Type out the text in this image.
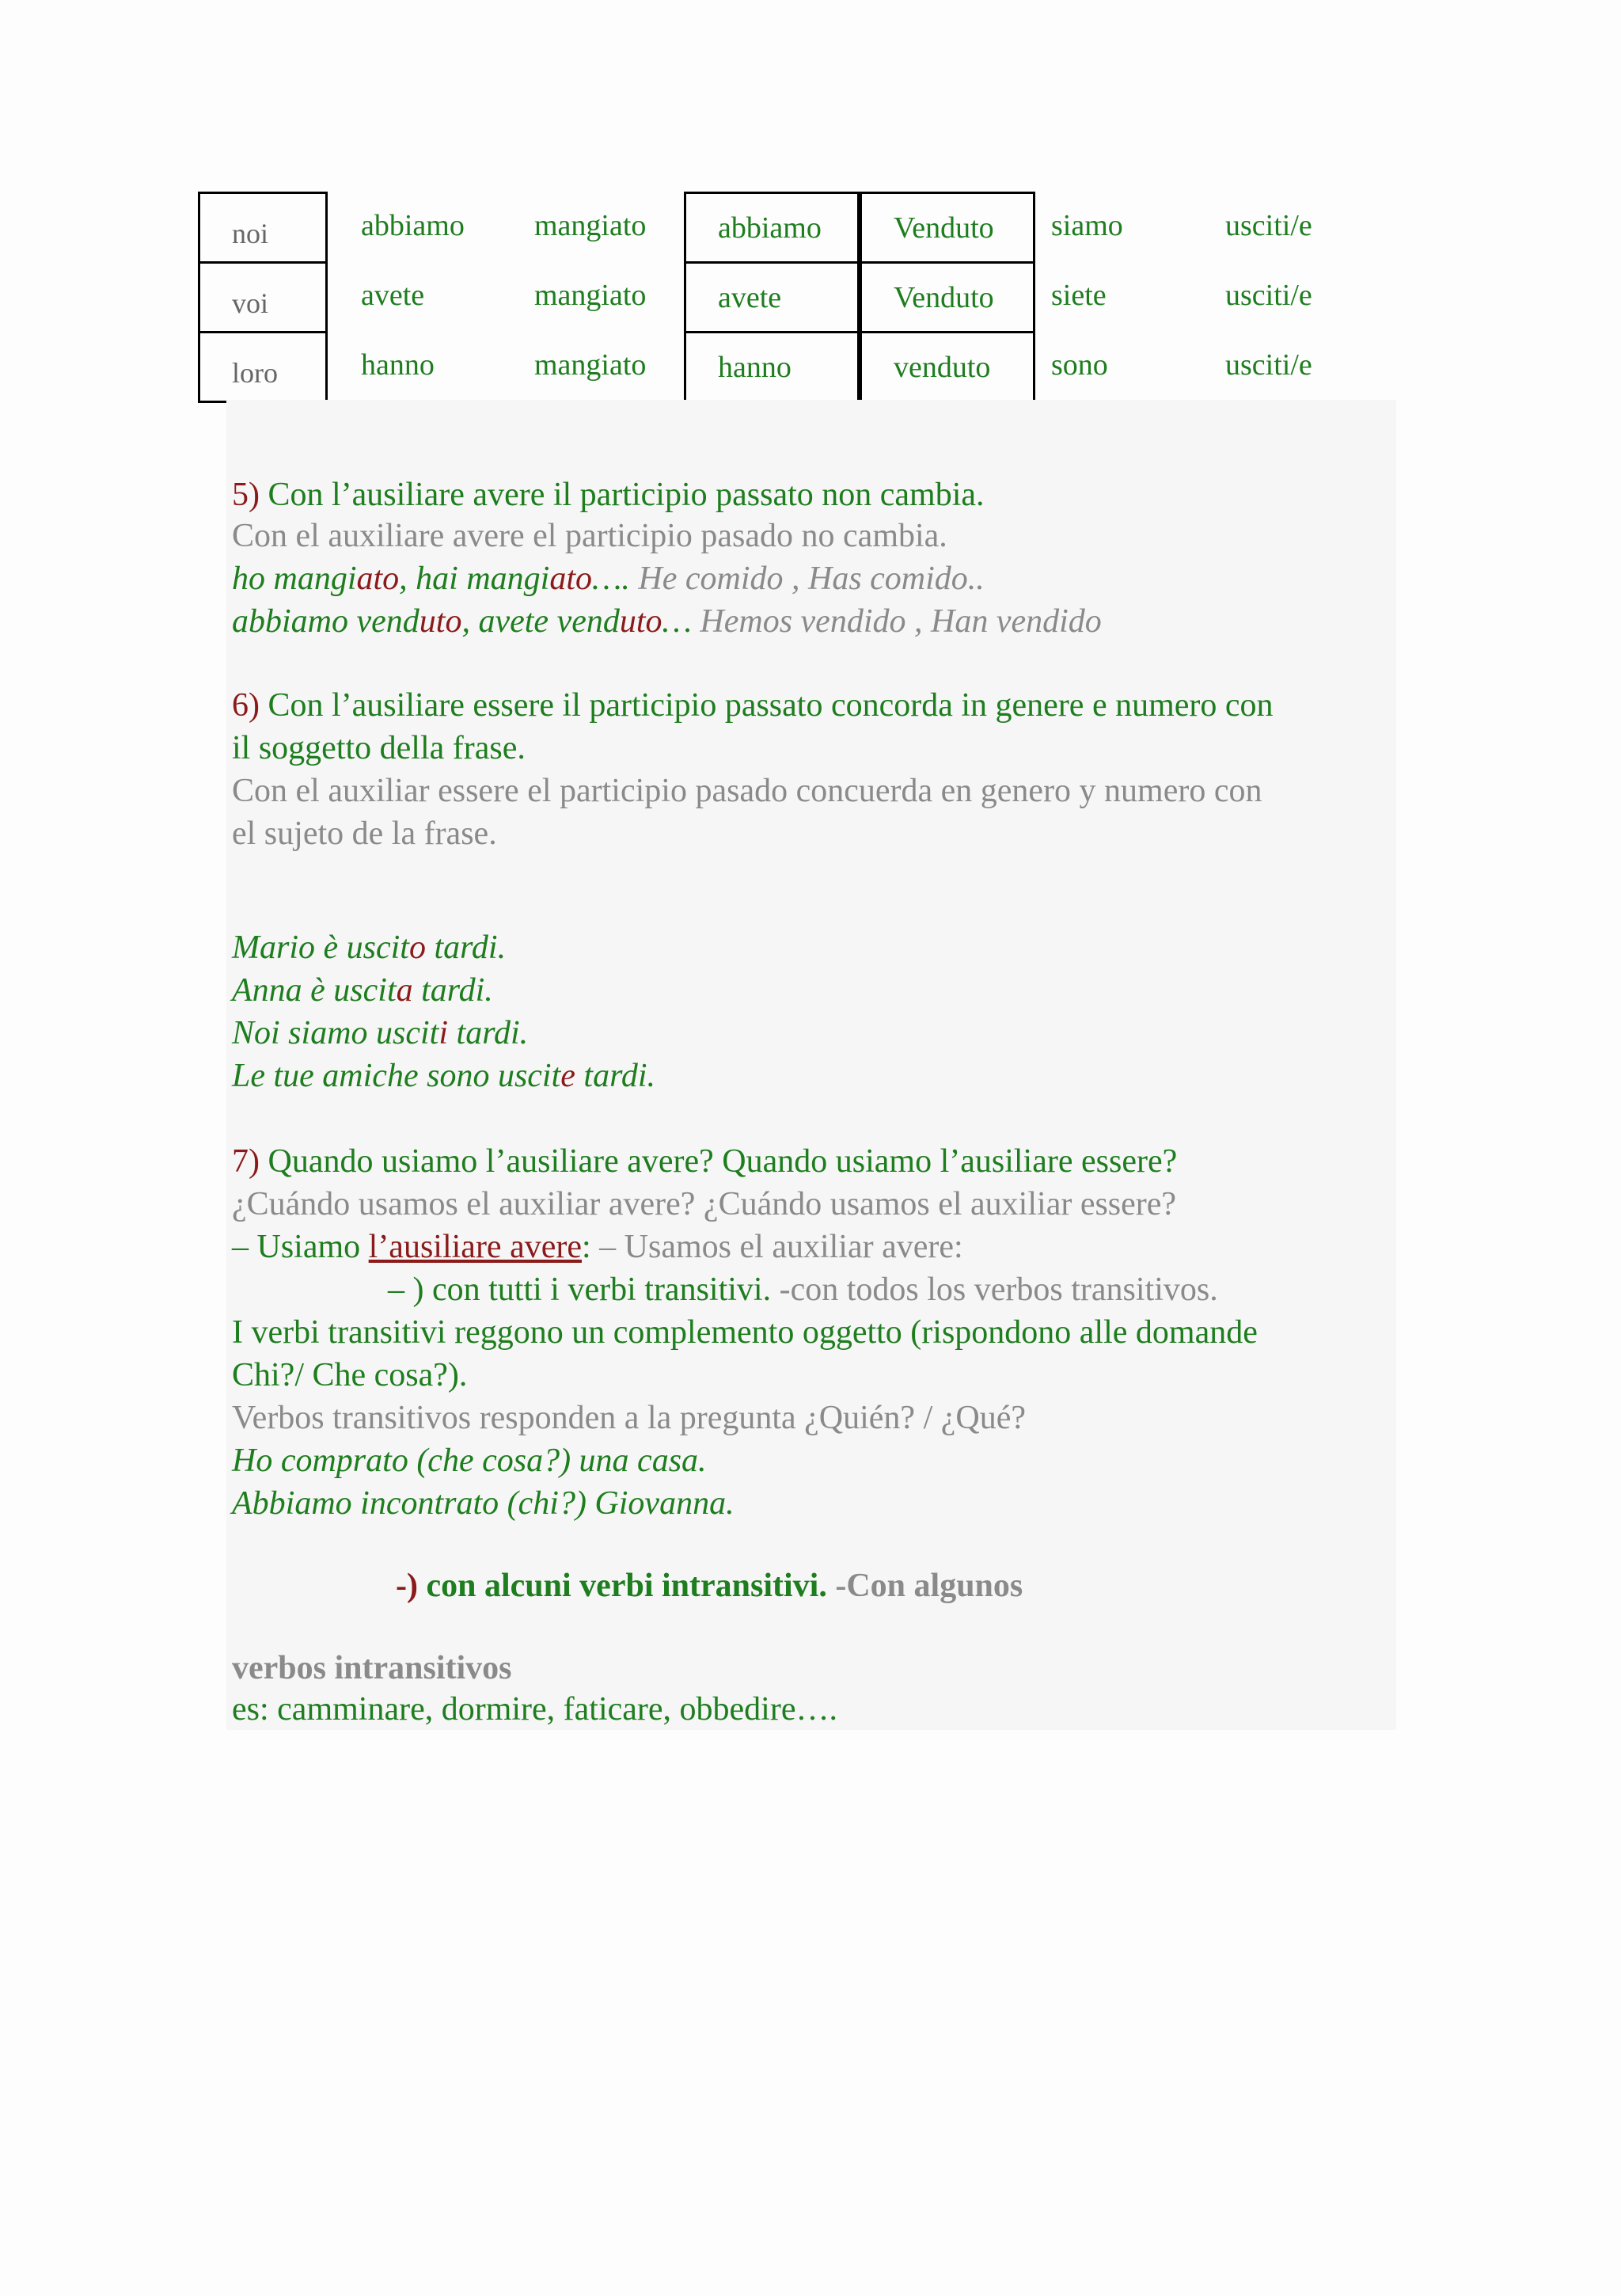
noi	abbiamo	mangiato	abbiamo	Venduto	siamo	usciti/e
voi	avete	mangiato	avete	Venduto	siete	usciti/e
loro	hanno	mangiato	hanno	venduto	sono	usciti/e
5) Con l’ausiliare avere il participio passato non cambia.
Con el auxiliare avere el participio pasado no cambia.
ho mangiato, hai mangiato…. He comido , Has comido..
abbiamo venduto, avete venduto… Hemos vendido , Han vendido
6) Con l’ausiliare essere il participio passato concorda in genere e numero con
il soggetto della frase.
Con el auxiliar essere el participio pasado concuerda en genero y numero con
el sujeto de la frase.
Mario è uscito tardi.
Anna è uscita tardi.
Noi siamo usciti tardi.
Le tue amiche sono uscite tardi.
7) Quando usiamo l’ausiliare avere? Quando usiamo l’ausiliare essere?
¿Cuándo usamos el auxiliar avere? ¿Cuándo usamos el auxiliar essere?
– Usiamo l’ausiliare avere: – Usamos el auxiliar avere:
– ) con tutti i verbi transitivi. -con todos los verbos transitivos.
I verbi transitivi reggono un complemento oggetto (rispondono alle domande
Chi?/ Che cosa?).
Verbos transitivos responden a la pregunta ¿Quién? / ¿Qué?
Ho comprato (che cosa?) una casa.
Abbiamo incontrato (chi?) Giovanna.
-) con alcuni verbi intransitivi. -Con algunos
verbos intransitivos
es: camminare, dormire, faticare, obbedire….
